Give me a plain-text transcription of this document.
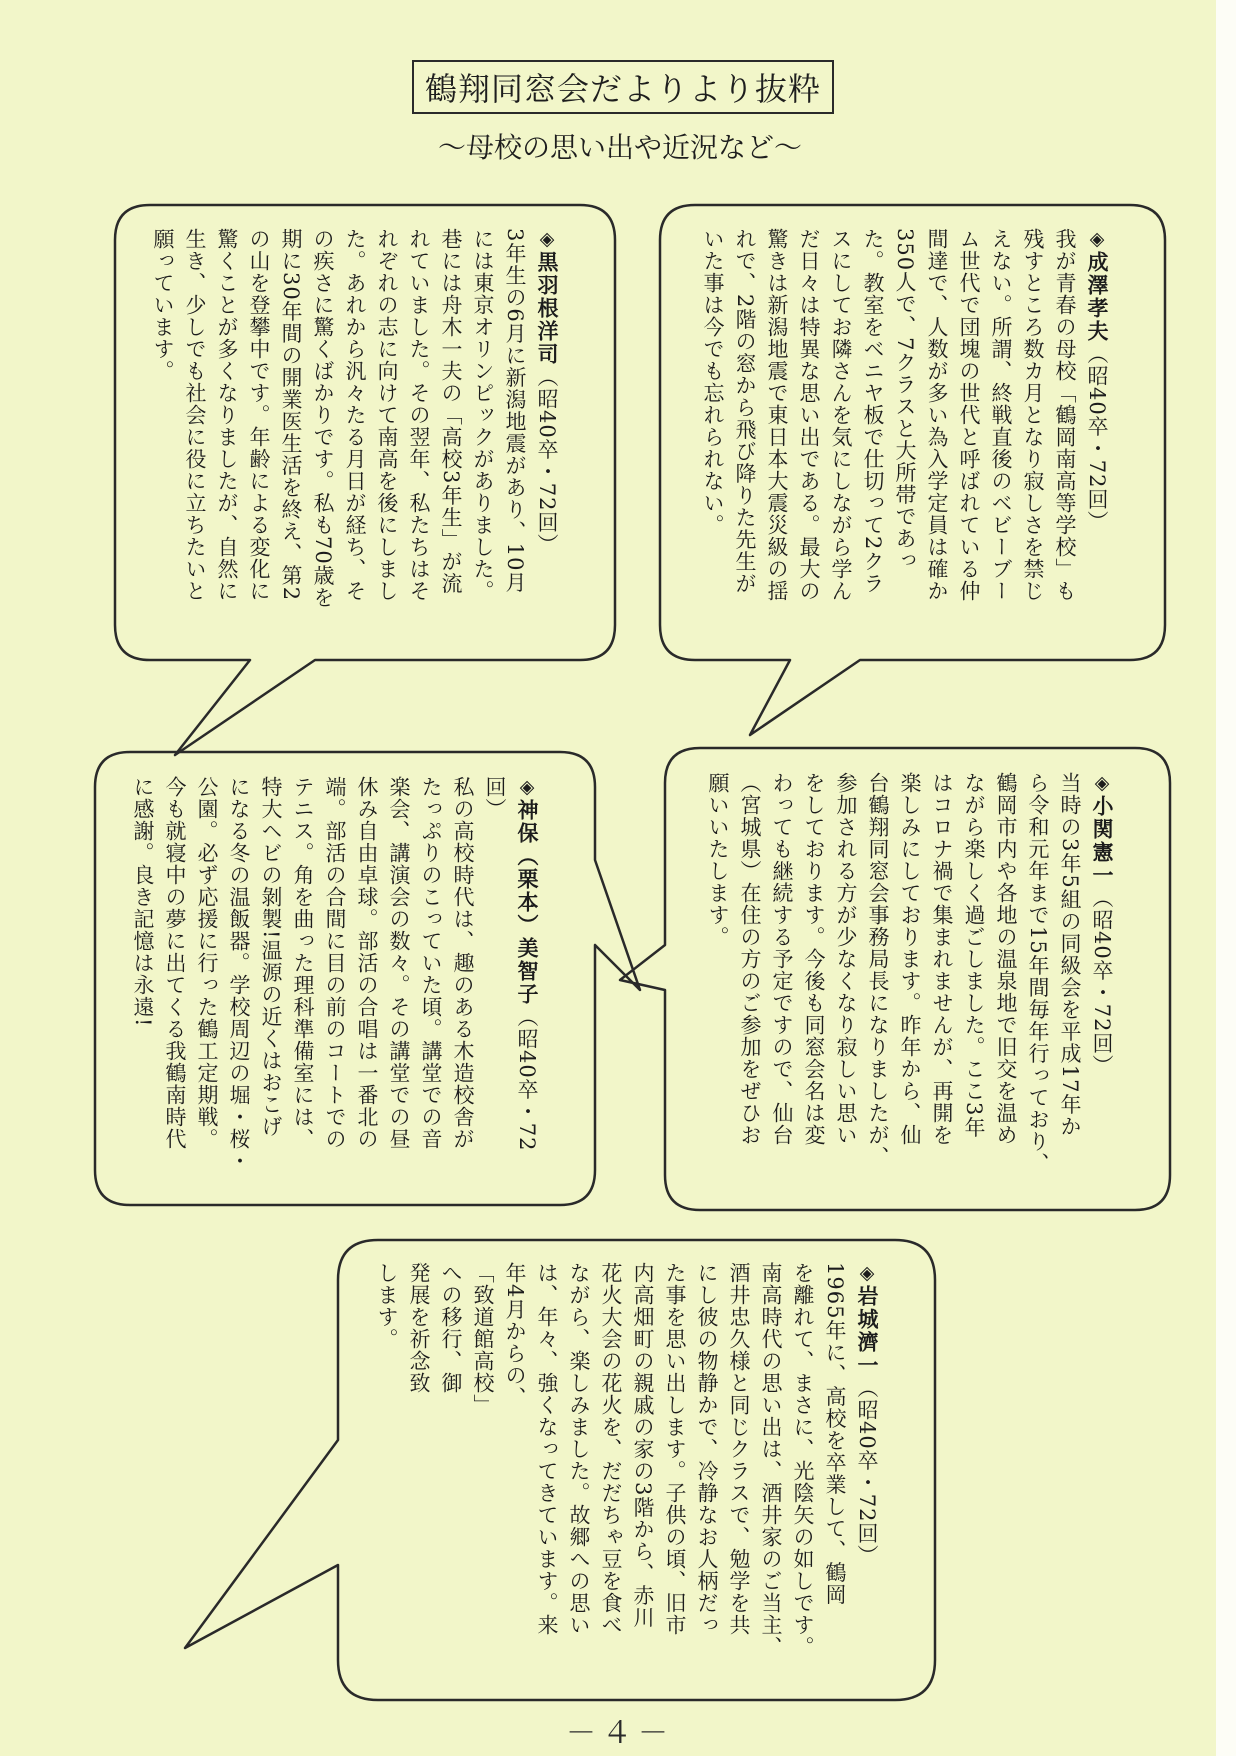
鶴翔同窓会だよりより抜粋
〜母校の思い出や近況など〜

◈成澤孝夫（昭40卒・72回）
我が青春の母校「鶴岡南高等学校」も
残すところ数カ月となり寂しさを禁じ
えない。所謂、終戦直後のベビーブー
ム世代で団塊の世代と呼ばれている仲
間達で、人数が多い為入学定員は確か
350人で、7クラスと大所帯であっ
た。教室をベニヤ板で仕切って2クラ
スにしてお隣さんを気にしながら学ん
だ日々は特異な思い出である。最大の
驚きは新潟地震で東日本大震災級の揺
れで、2階の窓から飛び降りた先生が
いた事は今でも忘れられない。

◈黒羽根洋司（昭40卒・72回）
3年生の6月に新潟地震があり、10月
には東京オリンピックがありました。
巷には舟木一夫の「高校3年生」が流
れていました。その翌年、私たちはそ
れぞれの志に向けて南高を後にしまし
た。あれから汎々たる月日が経ち、そ
の疾さに驚くばかりです。私も70歳を
期に30年間の開業医生活を終え、第2
の山を登攀中です。年齢による変化に
驚くことが多くなりましたが、自然に
生き、少しでも社会に役に立ちたいと
願っています。

◈小関憲一（昭40卒・72回）
当時の3年5組の同級会を平成17年か
ら令和元年まで15年間毎年行っており、
鶴岡市内や各地の温泉地で旧交を温め
ながら楽しく過ごしました。ここ3年
はコロナ禍で集まれませんが、再開を
楽しみにしております。昨年から、仙
台鶴翔同窓会事務局長になりましたが、
参加される方が少なくなり寂しい思い
をしております。今後も同窓会名は変
わっても継続する予定ですので、仙台
（宮城県）在住の方のご参加をぜひお
願いいたします。

◈神保（栗本）美智子（昭40卒・72回）
私の高校時代は、趣のある木造校舎が
たっぷりのこっていた頃。講堂での音
楽会、講演会の数々。その講堂での昼
休み自由卓球。部活の合唱は一番北の
端。部活の合間に目の前のコートでの
テニス。角を曲った理科準備室には、
特大ヘビの剝製!温源の近くはおこげ
になる冬の温飯器。学校周辺の堀・桜・
公園。必ず応援に行った鶴工定期戦。
今も就寝中の夢に出てくる我鶴南時代
に感謝。良き記憶は永遠!

◈岩城濟一（昭40卒・72回）
1965年に、高校を卒業して、鶴岡
を離れて、まさに、光陰矢の如しです。
南高時代の思い出は、酒井家のご当主、
酒井忠久様と同じクラスで、勉学を共
にし彼の物静かで、冷静なお人柄だっ
た事を思い出します。子供の頃、旧市
内高畑町の親戚の家の3階から、赤川
花火大会の花火を、だだちゃ豆を食べ
ながら、楽しみました。故郷への思い
は、年々、強くなってきています。来
年4月からの、
「致道館高校」
への移行、御
発展を祈念致
します。

－４－
